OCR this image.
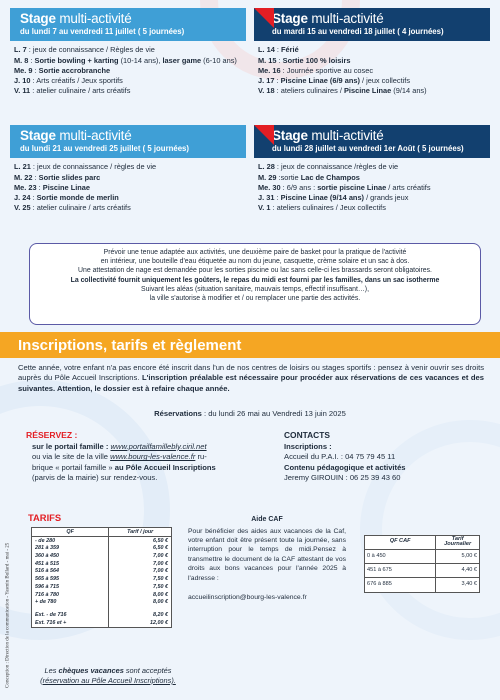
Stage multi-activité
du lundi 7 au vendredi 11 juillet ( 5 journées)
L. 7 : jeux de connaissance / Règles de vie
M. 8 : Sortie bowling + karting (10-14 ans), laser game (6-10 ans)
Me. 9 : Sortie accrobranche
J. 10 : Arts créatifs / Jeux sportifs
V. 11 : atelier culinaire / arts créatifs
Stage multi-activité
du mardi 15 au vendredi 18 juillet ( 4 journées)
L. 14 : Férié
M. 15 : Sortie 100 % loisirs
Me. 16 : Journée sportive au cosec
J. 17 : Piscine Linae (6/9 ans) / jeux collectifs
V. 18 : ateliers culinaires / Piscine Linae (9/14 ans)
Stage multi-activité
du lundi 21 au vendredi 25 juillet ( 5 journées)
L. 21 : jeux de connaissance / règles de vie
M. 22 : Sortie slides parc
Me. 23 : Piscine Linae
J. 24 : Sortie monde de merlin
V. 25 : atelier culinaire / arts créatifs
Stage multi-activité
du lundi 28 juillet au vendredi 1er Août ( 5 journées)
L. 28 : jeux de connaissance /règles de vie
M. 29 :sortie Lac de Champos
Me. 30 : 6/9 ans : sortie piscine Linae / arts créatifs
J. 31 : Piscine Linae (9/14 ans) / grands jeux
V. 1 : ateliers culinaires / Jeux collectifs
Prévoir une tenue adaptée aux activités, une deuxième paire de basket pour la pratique de l'activité
en intérieur, une bouteille d'eau étiquetée au nom du jeune, casquette, crème solaire et un sac à dos.
Une attestation de nage est demandée pour les sorties piscine ou lac sans celle-ci les brassards seront obligatoires.
La collectivité fournit uniquement les goûters, le repas du midi est fourni par les familles, dans un sac isotherme
Suivant les aléas (situation sanitaire, mauvais temps, effectif insuffisant…),
la ville s'autorise à modifier et / ou remplacer une partie des activités.
Inscriptions, tarifs et règlement
Cette année, votre enfant n'a pas encore été inscrit dans l'un de nos centres de loisirs ou stages sportifs : pensez à venir ouvrir ses droits auprès du Pôle Accueil Inscriptions. L'inscription préalable est nécessaire pour procéder aux réservations de ces vacances et des suivantes. Attention, le dossier est à refaire chaque année.
Réservations : du lundi 26 mai au Vendredi 13 juin 2025
RÉSERVEZ :
sur le portail famille : www.portailfamillebly.ciril.net
ou via le site de la ville www.bourg-les-valence.fr ru-
brique « portail famille » au Pôle Accueil Inscriptions
(parvis de la mairie) sur rendez-vous.
CONTACTS
Inscriptions :
Accueil du P.A.I. : 04 75 79 45 11
Contenu pédagogique et activités
Jeremy GIROUIN : 06 25 39 43 60
TARIFS
QF	Tarif / jour
- de 280	6,50 €
281 à 359	6,50 €
360 à 450	7,00 €
451 à 515	7,00 €
516 à 564	7,00 €
565 à 595	7,50 €
596 à 715	7,50 €
716 à 780	8,00 €
+ de 780	8,00 €

Ext. - de 716	8,20 €
Ext. 716 et +	12,00 €
Aide CAF

Pour bénéficier des aides aux vacances de la Caf, votre enfant doit être présent toute la journée, sans interruption pour le temps de midi.Pensez à transmettre le document de la CAF attestant de vos droits aux bons vacances pour l'année 2025 à l'adresse :

accueilinscription@bourg-les-valence.fr

QF CAF	Tarif Journalier
0 à 450	5,00 €
451 à 675	4,40 €
676 à 885	3,40 €
Les chèques vacances sont acceptés
(réservation au Pôle Accueil Inscriptions).
Conception : Direction de la communication - Yasmin Bullard - mai - 25
